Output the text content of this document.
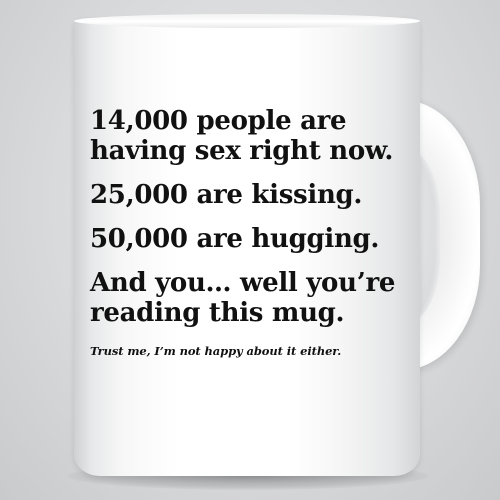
14,000 people are
having sex right now.
25,000 are kissing.
50,000 are hugging.
And you… well you’re
reading this mug.
Trust me, I’m not happy about it either.
